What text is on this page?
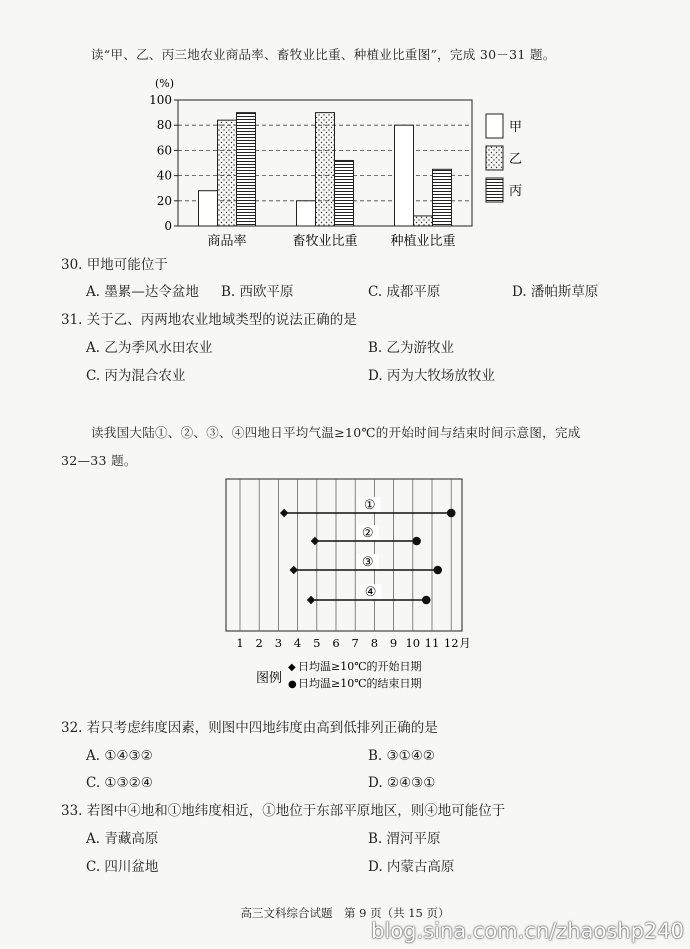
读“甲、乙、丙三地农业商品率、畜牧业比重、种植业比重图”，完成 30－31 题。
(%)
0
20
40
60
80
100
商品率	畜牧业比重	种植业比重
甲
乙
丙
30. 甲地可能位于
A. 墨累—达令盆地 B. 西欧平原	C. 成都平原	D. 潘帕斯草原
31. 关于乙、丙两地农业地域类型的说法正确的是
A. 乙为季风水田农业	B. 乙为游牧业
C. 丙为混合农业	D. 丙为大牧场放牧业
读我国大陆①、②、③、④四地日平均气温≥10℃的开始时间与结束时间示意图，完成
32—33 题。
①
②
③
④
1 2 3 4 5 6 7 8 9 10 11 12 月
图例
◆ 日均温≥10℃的开始日期
● 日均温≥10℃的结束日期
32. 若只考虑纬度因素，则图中四地纬度由高到低排列正确的是
A. ①④③②	B. ③①④②
C. ①③②④	D. ②④③①
33. 若图中④地和①地纬度相近，①地位于东部平原地区，则④地可能位于
A. 青藏高原	B. 渭河平原
C. 四川盆地	D. 内蒙古高原
高三文科综合试题　第 9 页（共 15 页）
blog.sina.com.cn/zhaoshp240
